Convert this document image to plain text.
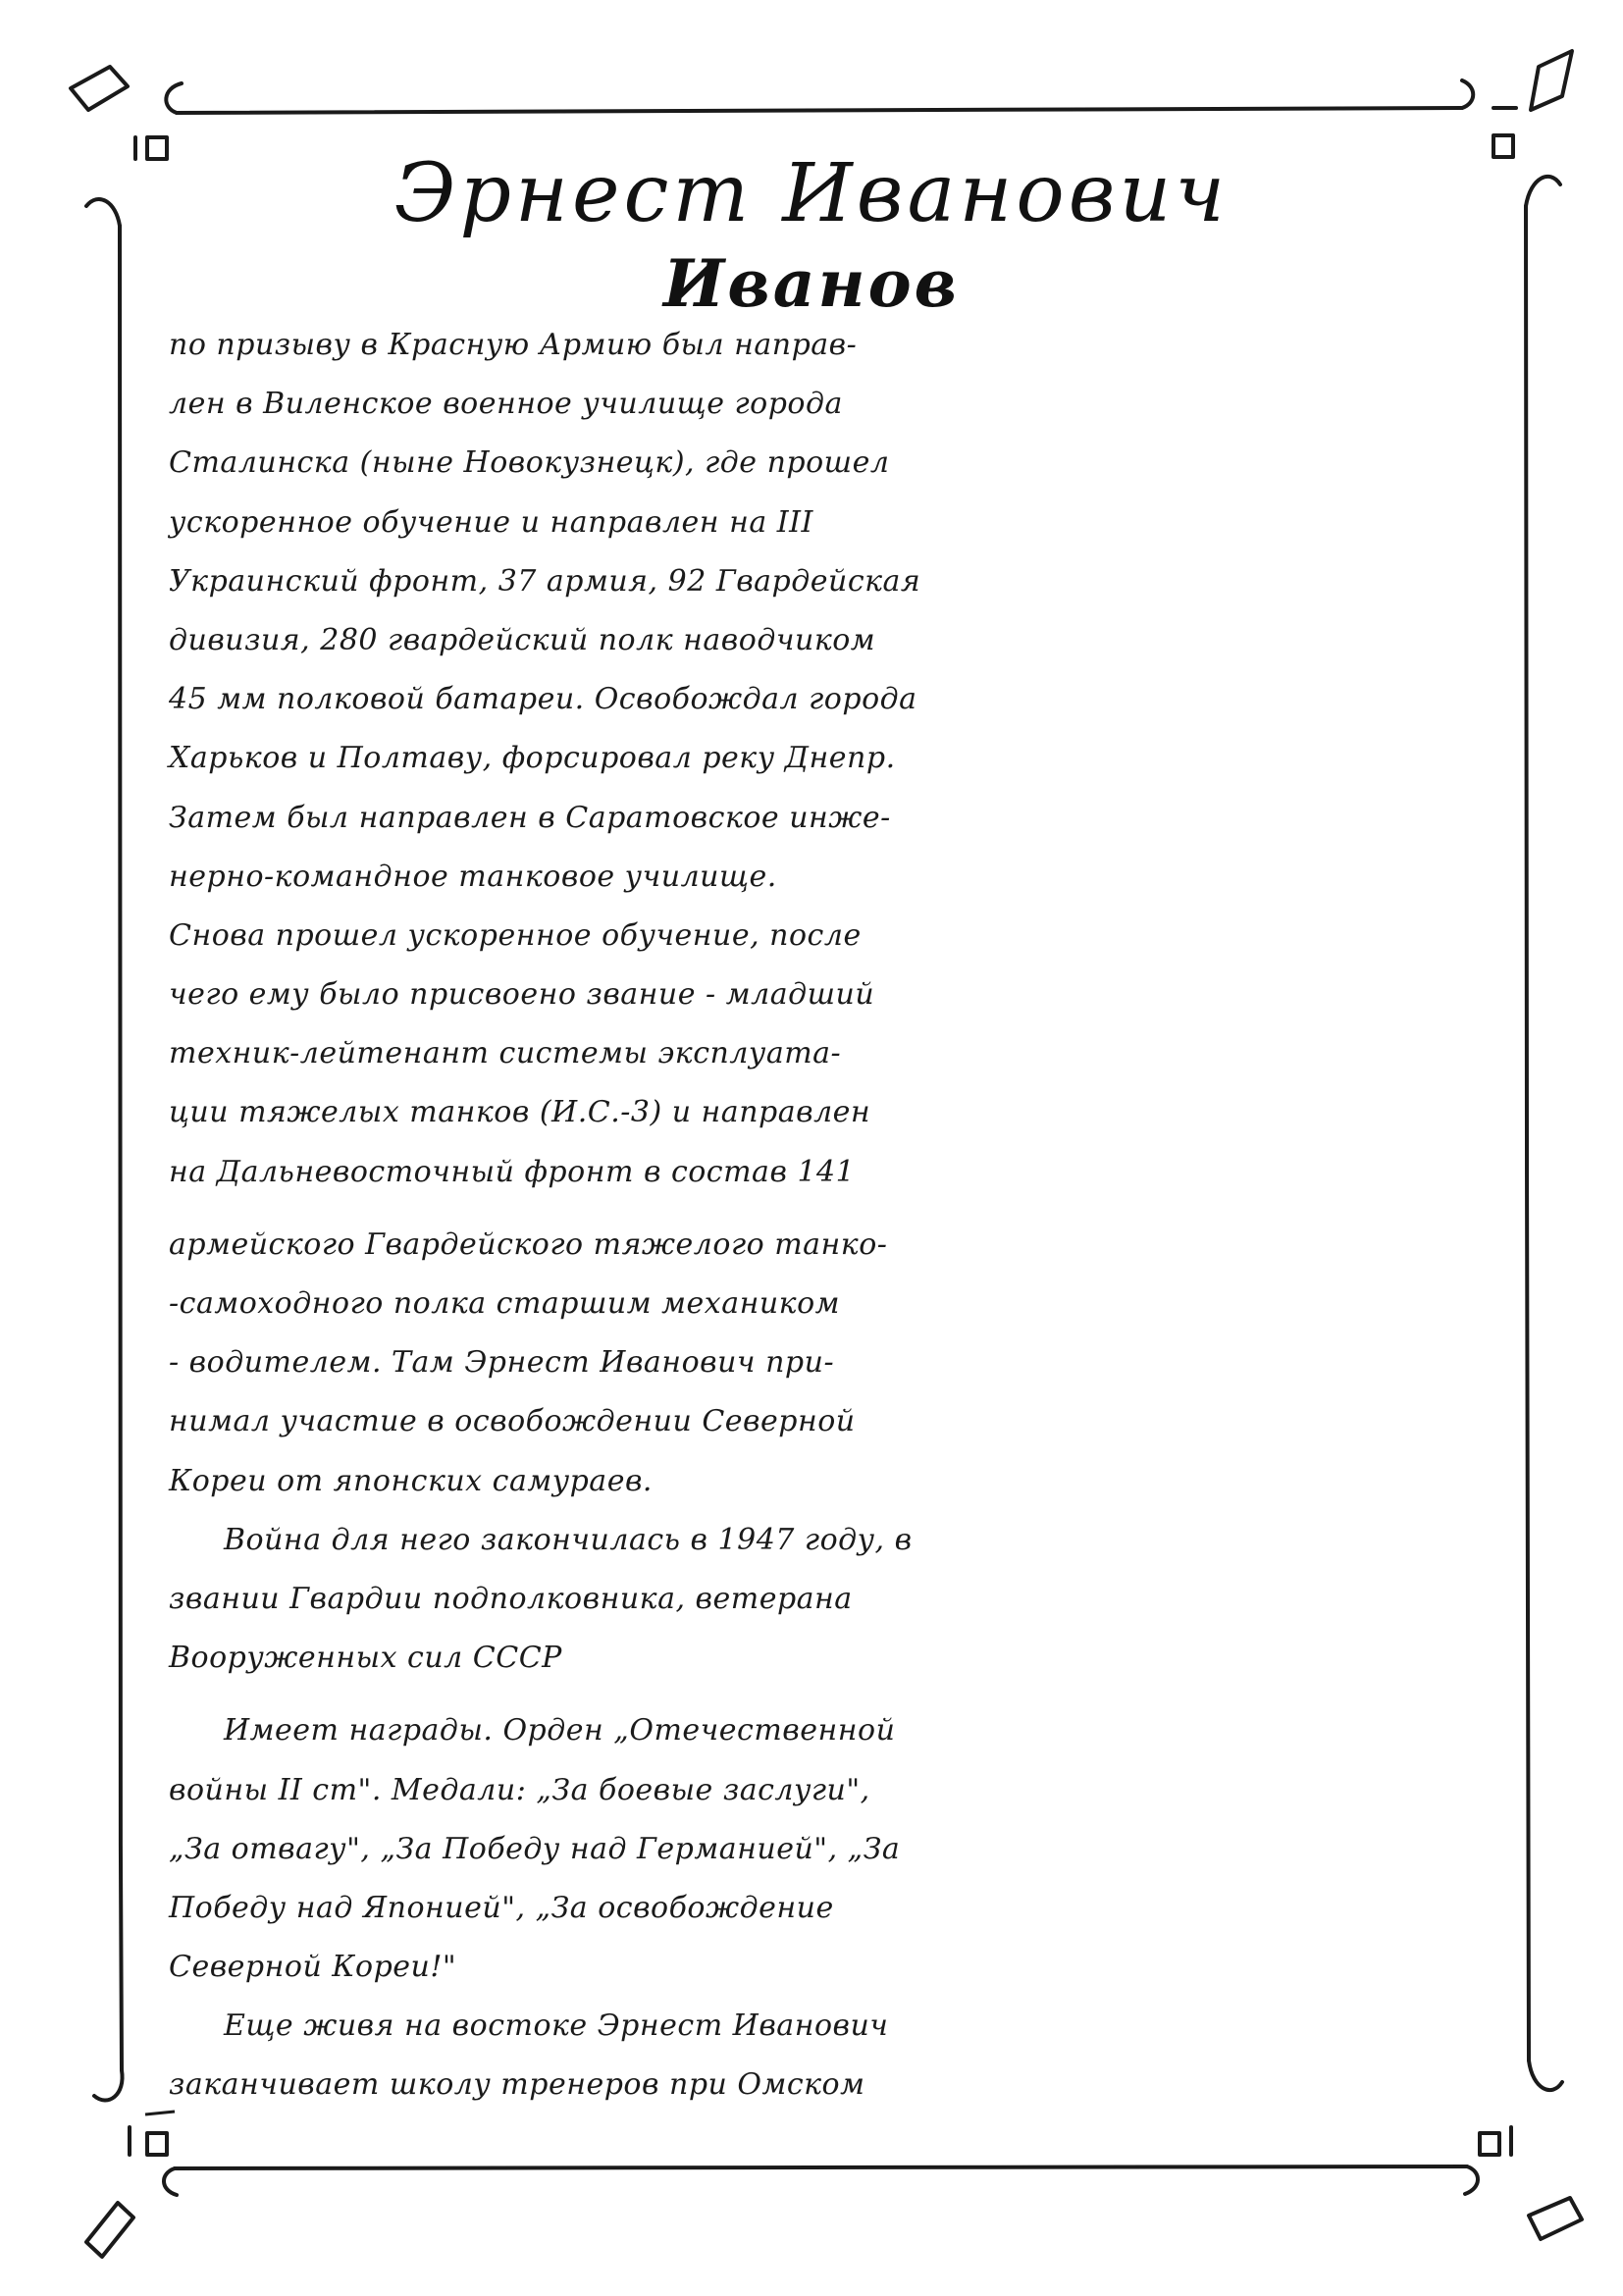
Эрнест Иванович
Иванов
по призыву в Красную Армию был направ-
лен в Виленское военное училище города
Сталинска (ныне Новокузнецк), где прошел
ускоренное обучение и направлен на III
Украинский фронт, 37 армия, 92 Гвардейская
дивизия, 280 гвардейский полк наводчиком
45 мм полковой батареи. Освобождал города
Харьков и Полтаву, форсировал реку Днепр.
Затем был направлен в Саратовское инже-
нерно-командное танковое училище.
Снова прошел ускоренное обучение, после
чего ему было присвоено звание - младший
техник-лейтенант системы эксплуата-
ции тяжелых танков (И.С.-3) и направлен
на Дальневосточный фронт в состав 141
армейского Гвардейского тяжелого танко-
-самоходного полка старшим механиком
- водителем. Там Эрнест Иванович при-
нимал участие в освобождении Северной
Кореи от японских самураев.
Война для него закончилась в 1947 году, в
звании Гвардии подполковника, ветерана
Вооруженных сил СССР
Имеет награды. Орден „Отечественной
войны II ст". Медали: „За боевые заслуги",
„За отвагу", „За Победу над Германией", „За
Победу над Японией", „За освобождение
Северной Кореи!"
Еще живя на востоке Эрнест Иванович
заканчивает школу тренеров при Омском
